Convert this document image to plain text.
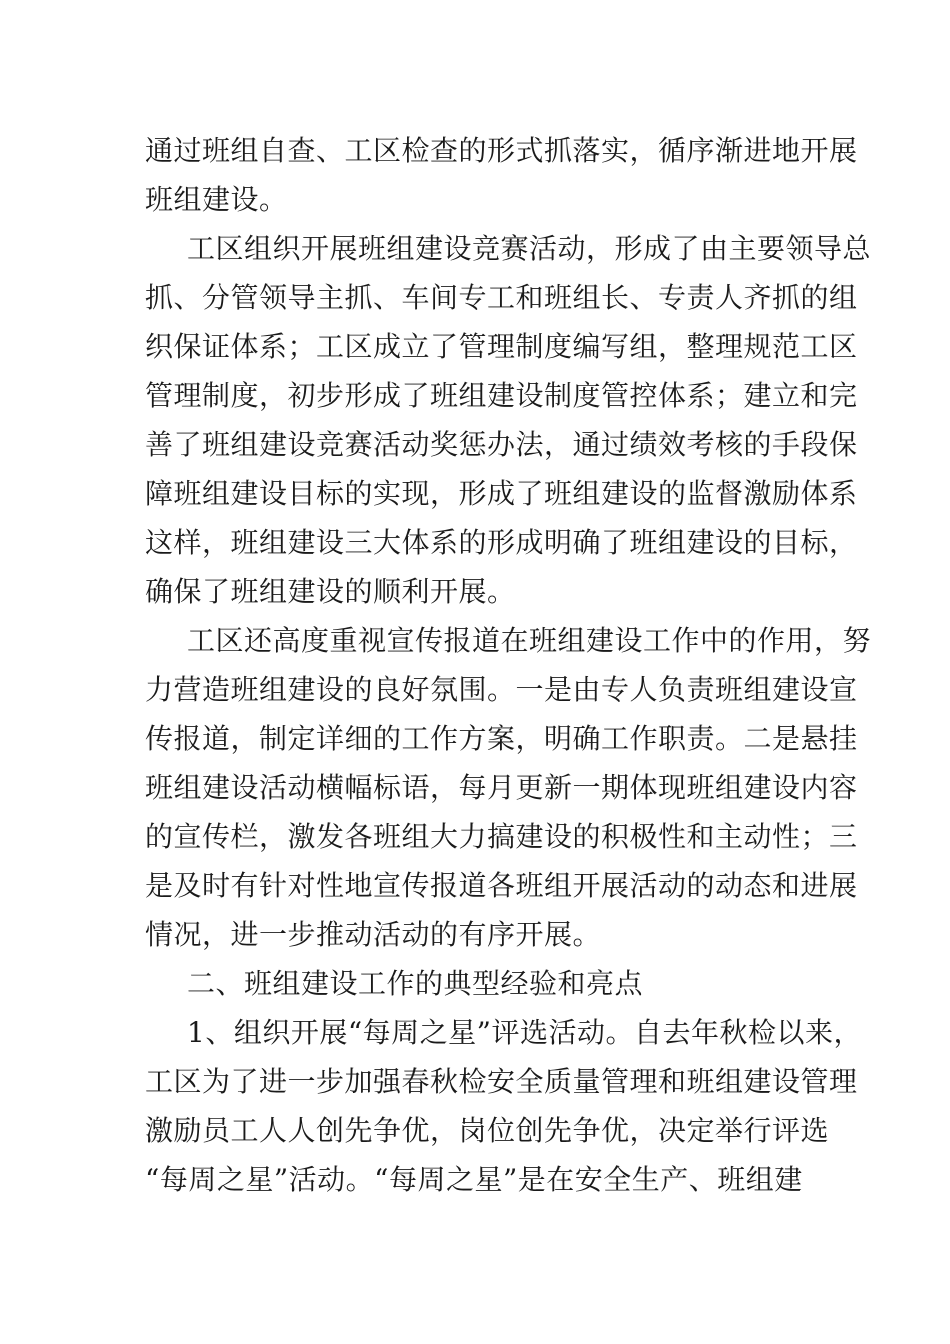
通过班组自查、工区检查的形式抓落实，循序渐进地开展
班组建设。
工区组织开展班组建设竞赛活动，形成了由主要领导总
抓、分管领导主抓、车间专工和班组长、专责人齐抓的组
织保证体系；工区成立了管理制度编写组，整理规范工区
管理制度，初步形成了班组建设制度管控体系；建立和完
善了班组建设竞赛活动奖惩办法，通过绩效考核的手段保
障班组建设目标的实现，形成了班组建设的监督激励体系
这样，班组建设三大体系的形成明确了班组建设的目标，
确保了班组建设的顺利开展。
工区还高度重视宣传报道在班组建设工作中的作用，努
力营造班组建设的良好氛围。一是由专人负责班组建设宣
传报道，制定详细的工作方案，明确工作职责。二是悬挂
班组建设活动横幅标语，每月更新一期体现班组建设内容
的宣传栏，激发各班组大力搞建设的积极性和主动性；三
是及时有针对性地宣传报道各班组开展活动的动态和进展
情况，进一步推动活动的有序开展。
二、班组建设工作的典型经验和亮点
1、组织开展“每周之星”评选活动。自去年秋检以来，
工区为了进一步加强春秋检安全质量管理和班组建设管理
激励员工人人创先争优，岗位创先争优，决定举行评选
“每周之星”活动。“每周之星”是在安全生产、班组建
